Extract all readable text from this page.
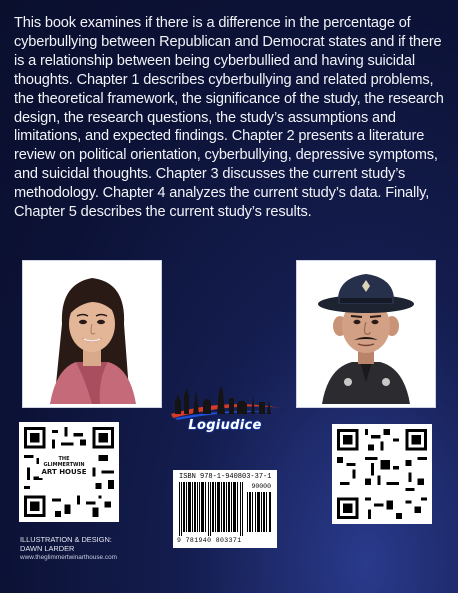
This book examines if there is a difference in the percentage of cyberbullying between Republican and Democrat states and if there is a relationship between being cyberbullied and having suicidal thoughts. Chapter 1 describes cyberbullying and related problems, the theoretical framework, the significance of the study, the research design, the research questions, the study’s assumptions and limitations, and expected findings. Chapter 2 presents a literature review on political orientation, cyberbullying, depressive symptoms, and suicidal thoughts. Chapter 3 discusses the current study’s methodology. Chapter 4 analyzes the current study’s data. Finally, Chapter 5 describes the current study’s results.

Logiudice
THE GLIMMERTWIN
ART HOUSE
ISBN 978-1-940803-37-1
90000
9 781940 803371
ILLUSTRATION & DESIGN:
DAWN LARDER
www.theglimmertwinarthouse.com
